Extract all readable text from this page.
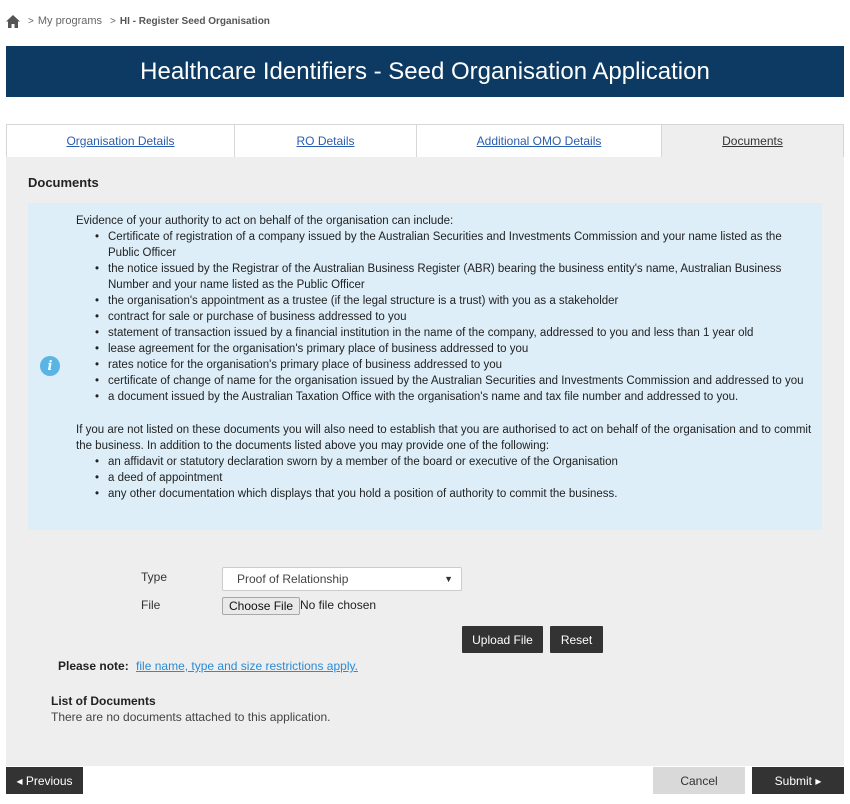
> My programs > HI - Register Seed Organisation
Healthcare Identifiers - Seed Organisation Application
Organisation Details	RO Details	Additional OMO Details	Documents
Documents
i
Evidence of your authority to act on behalf of the organisation can include:
• Certificate of registration of a company issued by the Australian Securities and Investments Commission and your name listed as the Public Officer
• the notice issued by the Registrar of the Australian Business Register (ABR) bearing the business entity's name, Australian Business Number and your name listed as the Public Officer
• the organisation's appointment as a trustee (if the legal structure is a trust) with you as a stakeholder
• contract for sale or purchase of business addressed to you
• statement of transaction issued by a financial institution in the name of the company, addressed to you and less than 1 year old
• lease agreement for the organisation's primary place of business addressed to you
• rates notice for the organisation's primary place of business addressed to you
• certificate of change of name for the organisation issued by the Australian Securities and Investments Commission and addressed to you
• a document issued by the Australian Taxation Office with the organisation's name and tax file number and addressed to you.
If you are not listed on these documents you will also need to establish that you are authorised to act on behalf of the organisation and to commit the business. In addition to the documents listed above you may provide one of the following:
• an affidavit or statutory declaration sworn by a member of the board or executive of the Organisation
• a deed of appointment
• any other documentation which displays that you hold a position of authority to commit the business.
Type	Proof of Relationship	▼
File	Choose File No file chosen
Upload File	Reset
Please note: file name, type and size restrictions apply.
List of Documents
There are no documents attached to this application.
◂ Previous	Cancel	Submit ▸
